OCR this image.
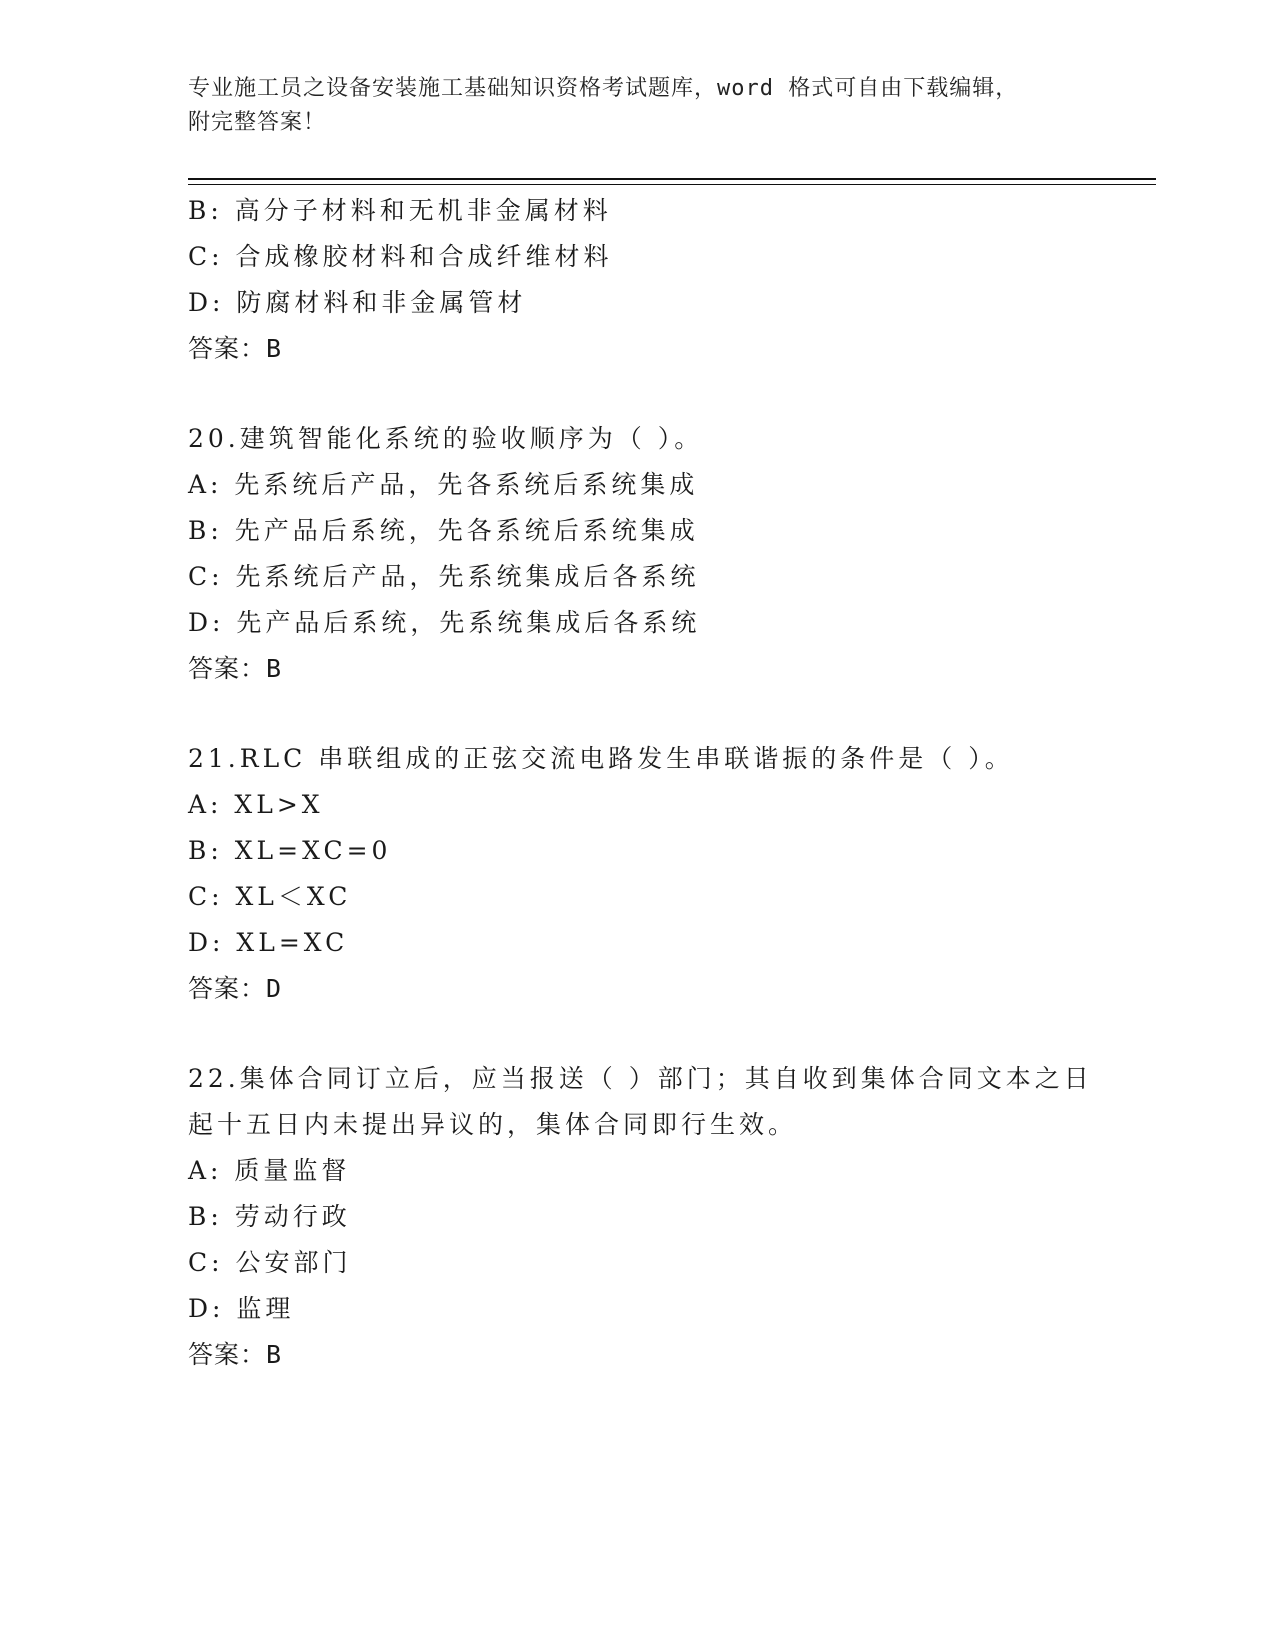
专业施工员之设备安装施工基础知识资格考试题库，word 格式可自由下载编辑，
附完整答案！
B: 高分子材料和无机非金属材料
C: 合成橡胶材料和合成纤维材料
D: 防腐材料和非金属管材
答案：B
20.建筑智能化系统的验收顺序为（ ）。
A: 先系统后产品，先各系统后系统集成
B: 先产品后系统，先各系统后系统集成
C: 先系统后产品，先系统集成后各系统
D: 先产品后系统，先系统集成后各系统
答案：B
21.RLC 串联组成的正弦交流电路发生串联谐振的条件是（ ）。
A: XL>X
B: XL=XC=0
C: XL＜XC
D: XL=XC
答案：D
22.集体合同订立后，应当报送（ ）部门；其自收到集体合同文本之日起十五日内未提出异议的，集体合同即行生效。
A: 质量监督
B: 劳动行政
C: 公安部门
D: 监理
答案：B
